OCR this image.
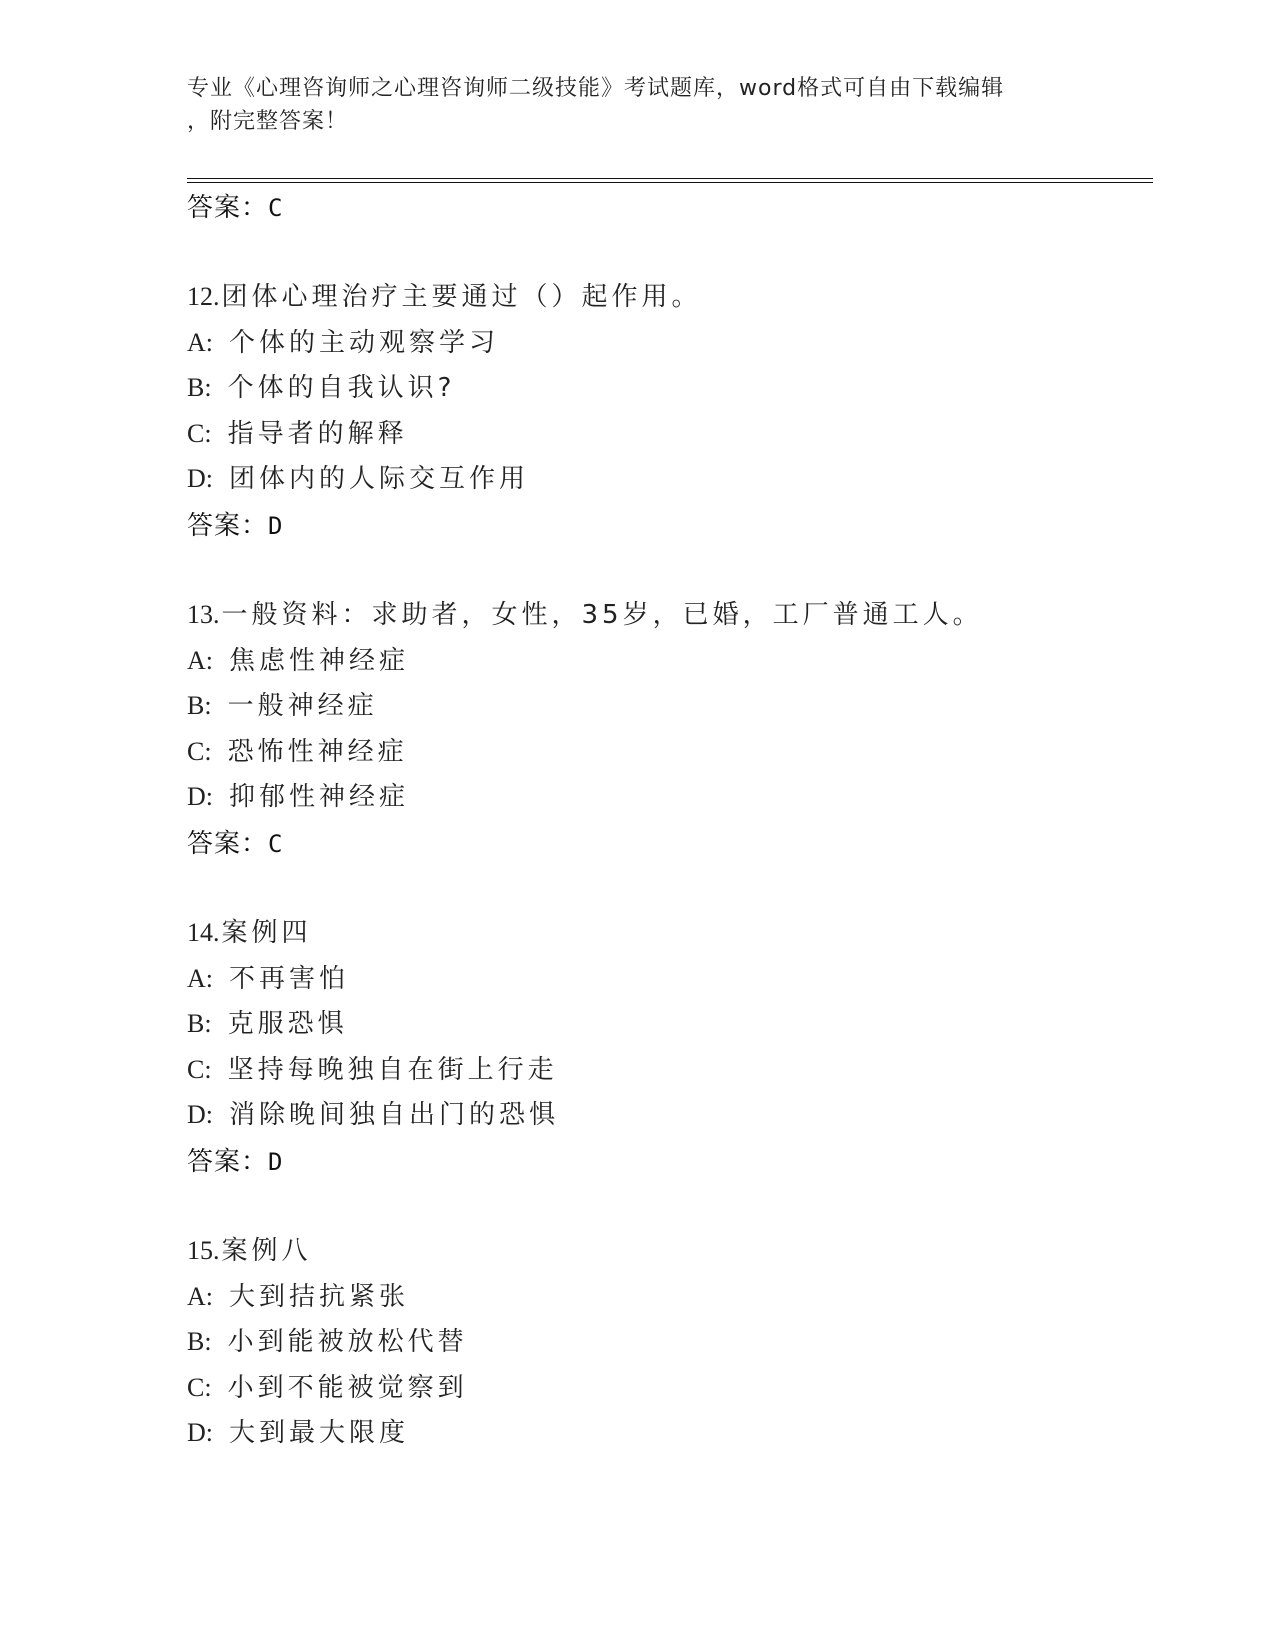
专业《心理咨询师之心理咨询师二级技能》考试题库，word格式可自由下载编辑
，附完整答案！
答案：C
12.团体心理治疗主要通过（）起作用。
A: 个体的主动观察学习
B: 个体的自我认识?
C: 指导者的解释
D: 团体内的人际交互作用
答案：D
13.一般资料：求助者，女性，35岁，已婚，工厂普通工人。
A: 焦虑性神经症
B: 一般神经症
C: 恐怖性神经症
D: 抑郁性神经症
答案：C
14.案例四
A: 不再害怕
B: 克服恐惧
C: 坚持每晚独自在街上行走
D: 消除晚间独自出门的恐惧
答案：D
15.案例八
A: 大到拮抗紧张
B: 小到能被放松代替
C: 小到不能被觉察到
D: 大到最大限度
